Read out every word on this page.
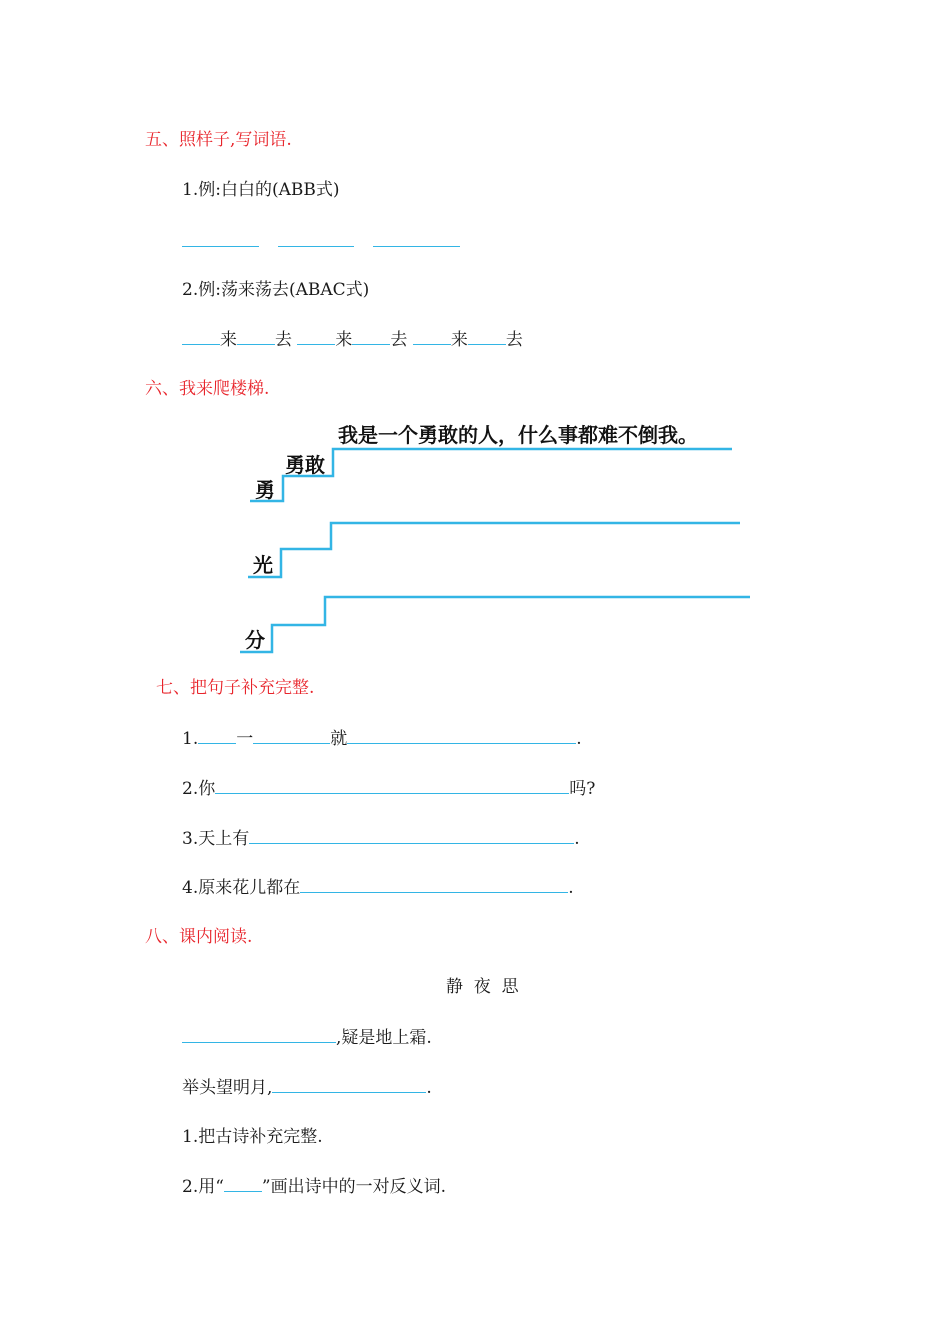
五、照样子,写词语.
1.例:白白的(ABB式)
2.例:荡来荡去(ABAC式)
来 去	来 去	来 去
六、我来爬楼梯.
我是一个勇敢的人，什么事都难不倒我。
勇敢
勇
光
分
七、把句子补充完整.
1. 一	就	.
2.你	吗?
3.天上有	.
4.原来花儿都在	.
八、课内阅读.
静  夜  思
,疑是地上霜.
举头望明月,	.
1.把古诗补充完整.
2.用“ ”画出诗中的一对反义词.
